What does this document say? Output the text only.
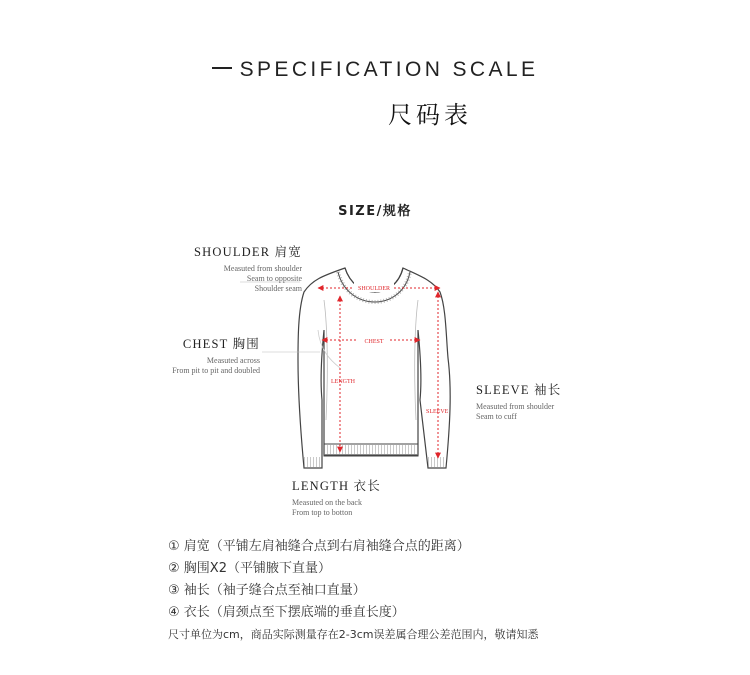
SPECIFICATION SCALE
尺码表
SIZE/规格
SHOULDER 肩宽
Measuted from shoulder
Seam to opposite
Shoulder seam
CHEST 胸围
Measuted across
From pit to pit and doubled
SLEEVE 袖长
Measuted from shoulder
Seam to cuff
LENGTH 衣长
Measuted on the back
From top to botton
SHOULDER
CHEST
LENGTH
SLEEVE
① 肩宽（平铺左肩袖缝合点到右肩袖缝合点的距离）
② 胸围X2（平铺腋下直量）
③ 袖长（袖子缝合点至袖口直量）
④ 衣长（肩颈点至下摆底端的垂直长度）
尺寸单位为cm，商品实际测量存在2-3cm误差属合理公差范围内，敬请知悉
